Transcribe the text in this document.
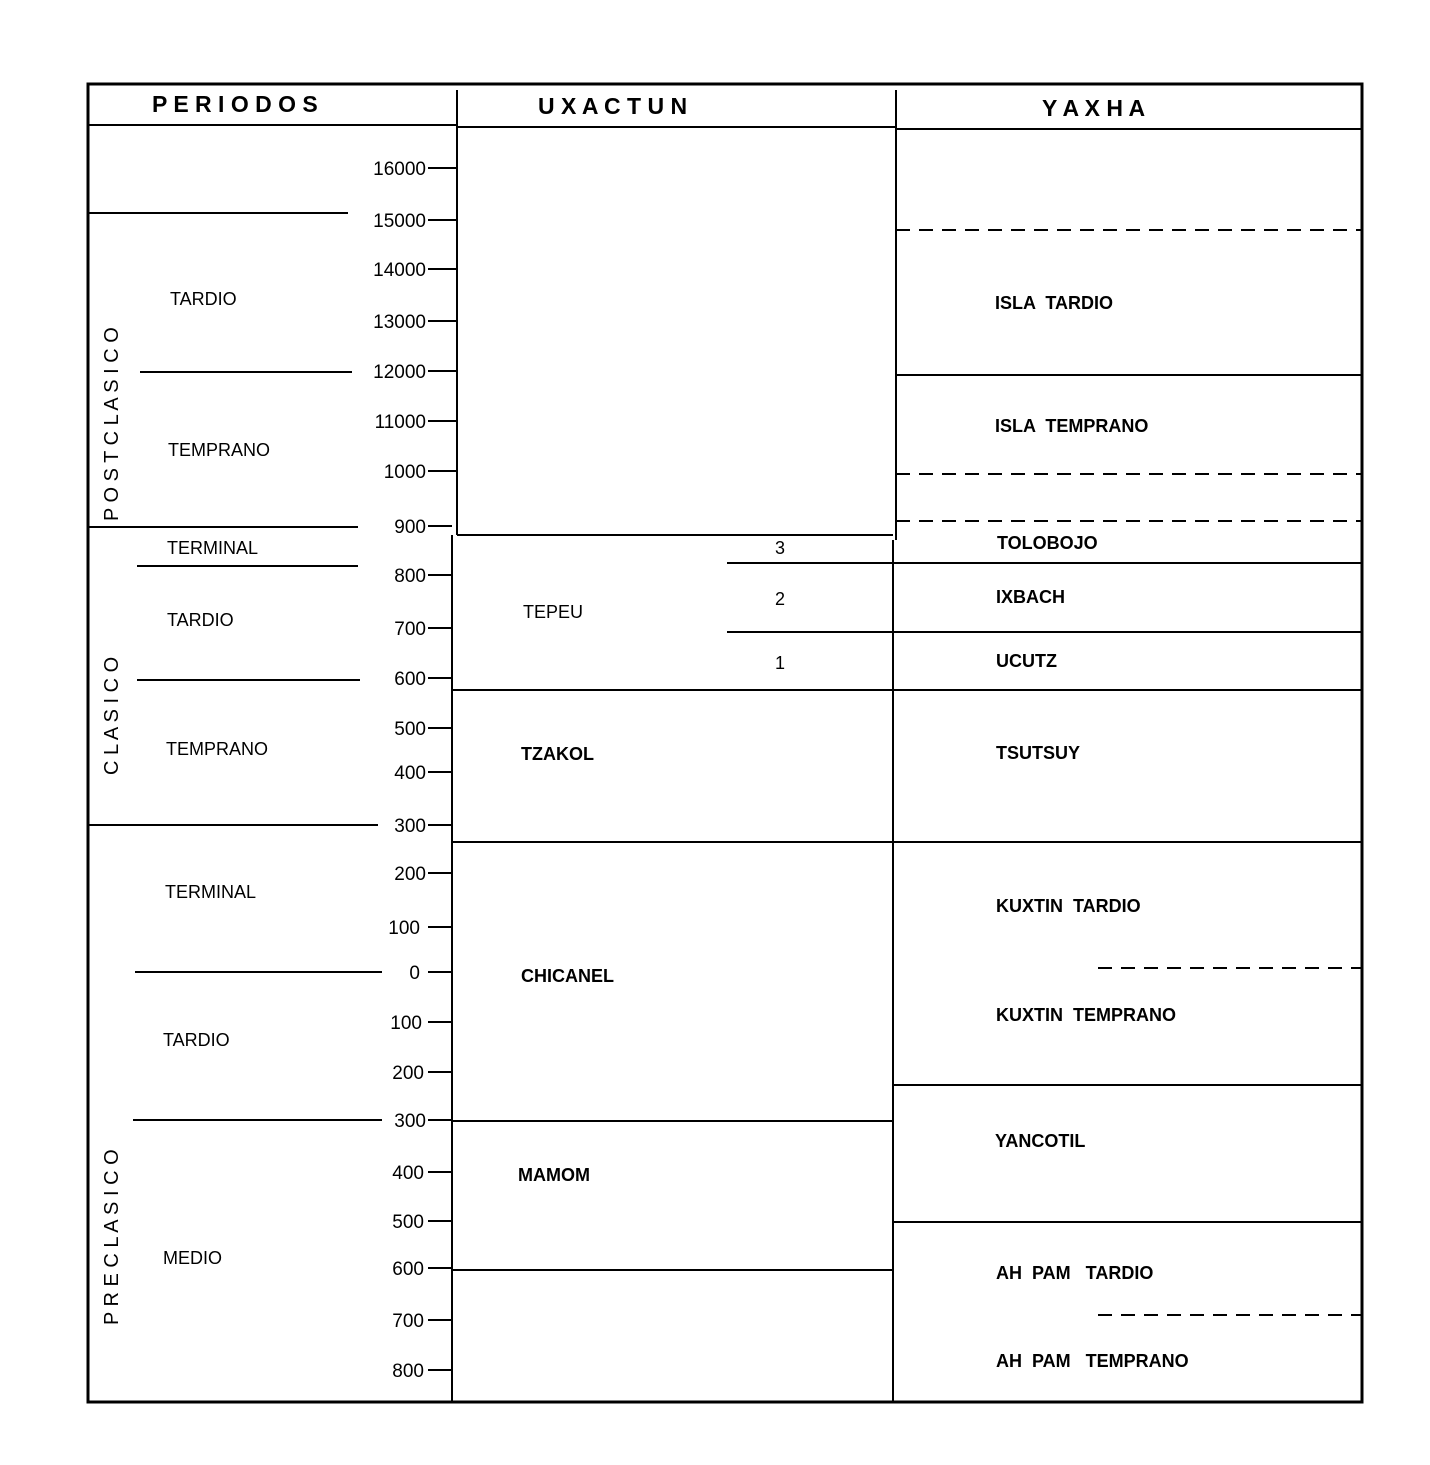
P E R I O D O S	U X A C T U N	Y A X H A
P O S T C L A S I C O
C L A S I C O
P R E C L A S I C O
TARDIO
TEMPRANO
TERMINAL
TARDIO
TEMPRANO
TERMINAL
TARDIO
MEDIO
16000
15000
14000
13000
12000
11000
1000
900
800
700
600
500
400
300
200
100
0
100
200
300
400
500
600
700
800
TEPEU
TZAKOL
CHICANEL
MAMOM
3
2
1
ISLA  TARDIO
ISLA  TEMPRANO
TOLOBOJO
IXBACH
UCUTZ
TSUTSUY
KUXTIN  TARDIO
KUXTIN  TEMPRANO
YANCOTIL
AH  PAM   TARDIO
AH  PAM   TEMPRANO
